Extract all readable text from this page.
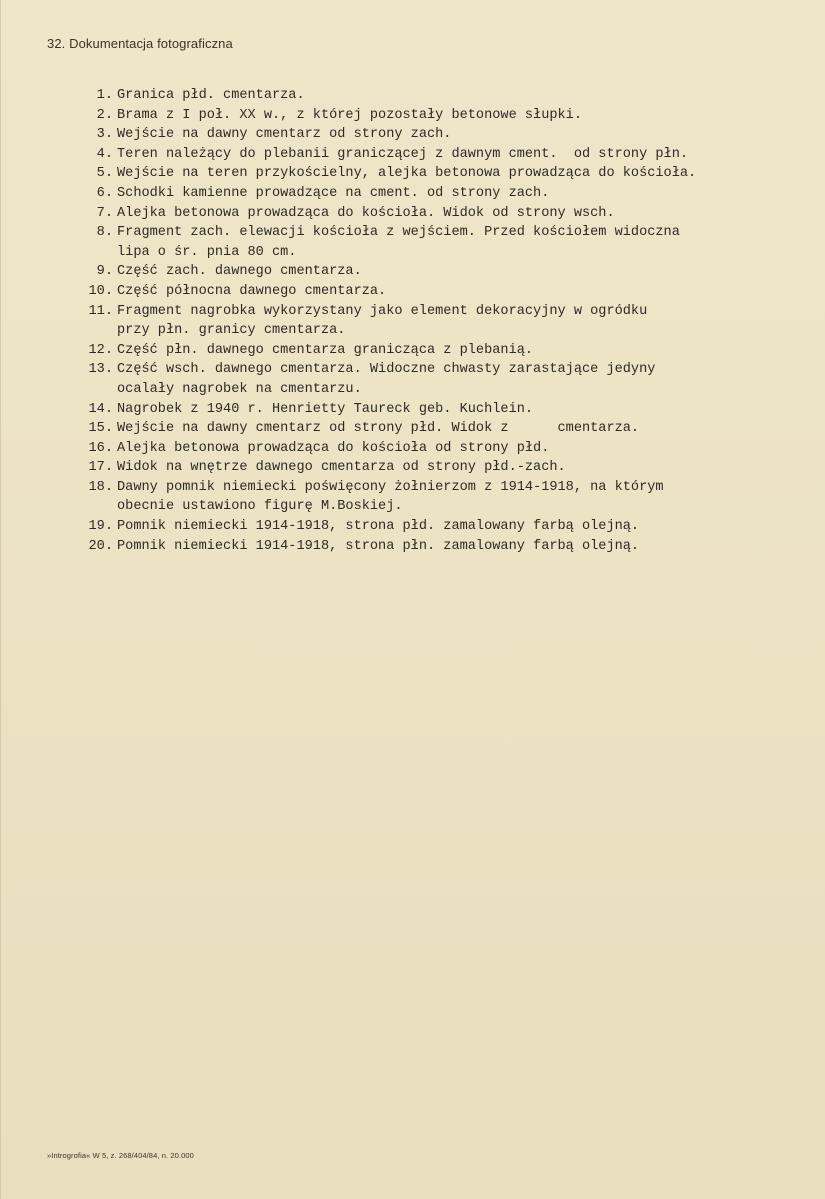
32. Dokumentacja fotograficzna
1. Granica płd. cmentarza.
2. Brama z I poł. XX w., z której pozostały betonowe słupki.
3. Wejście na dawny cmentarz od strony zach.
4. Teren należący do plebanii graniczącej z dawnym cment.  od strony płn.
5. Wejście na teren przykościelny, alejka betonowa prowadząca do kościoła.
6. Schodki kamienne prowadzące na cment. od strony zach.
7. Alejka betonowa prowadząca do kościoła. Widok od strony wsch.
8. Fragment zach. elewacji kościoła z wejściem. Przed kościołem widoczna
lipa o śr. pnia 80 cm.
9. Część zach. dawnego cmentarza.
10. Część północna dawnego cmentarza.
11. Fragment nagrobka wykorzystany jako element dekoracyjny w ogródku
przy płn. granicy cmentarza.
12. Część płn. dawnego cmentarza granicząca z plebanią.
13. Część wsch. dawnego cmentarza. Widoczne chwasty zarastające jedyny
ocalały nagrobek na cmentarzu.
14. Nagrobek z 1940 r. Henrietty Taureck geb. Kuchlein.
15. Wejście na dawny cmentarz od strony płd. Widok z      cmentarza.
16. Alejka betonowa prowadząca do kościoła od strony płd.
17. Widok na wnętrze dawnego cmentarza od strony płd.-zach.
18. Dawny pomnik niemiecki poświęcony żołnierzom z 1914-1918, na którym
obecnie ustawiono figurę M.Boskiej.
19. Pomnik niemiecki 1914-1918, strona płd. zamalowany farbą olejną.
20. Pomnik niemiecki 1914-1918, strona płn. zamalowany farbą olejną.
»Introgrofia« W 5, z. 268/404/84, n. 20.000
